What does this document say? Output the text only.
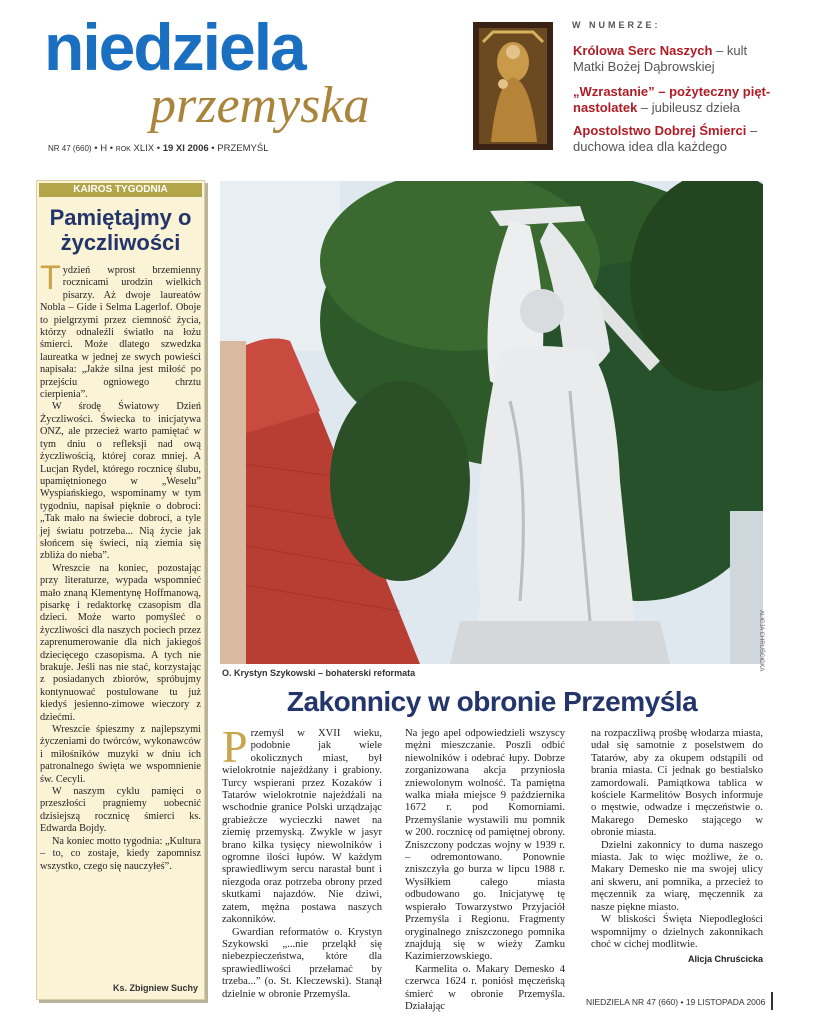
niedziela
przemyska
NR 47 (660) • H • ROK XLIX • 19 XI 2006 • PRZEMYŚL
W NUMERZE:
Królowa Serc Naszych – kult Matki Bożej Dąbrowskiej
„Wzrastanie” – pożyteczny pięt-nastolatek – jubileusz dzieła
Apostolstwo Dobrej Śmierci – duchowa idea dla każdego
KAIROS TYGODNIA
Pamiętajmy o życzliwości

Tydzień wprost brzemienny rocznicami urodzin wielkich pisarzy. Aż dwoje laureatów Nobla – Gide i Selma Lagerlof. Oboje to pielgrzymi przez ciemność życia, którzy odnaleźli światło na łożu śmierci. Może dlatego szwedzka laureatka w jednej ze swych powieści napisała: „Jakże silna jest miłość po przejściu ogniowego chrztu cierpienia”.

W środę Światowy Dzień Życzliwości. Świecka to inicjatywa ONZ, ale przecież warto pamiętać w tym dniu o refleksji nad ową życzliwością, której coraz mniej. A Lucjan Rydel, którego rocznicę ślubu, upamiętnionego w „Weselu” Wyspiańskiego, wspominamy w tym tygodniu, napisał pięknie o dobroci: „Tak mało na świecie dobroci, a tyle jej światu potrzeba... Nią życie jak słońcem się świeci, nią ziemia się zbliża do nieba”.

Wreszcie na koniec, pozostając przy literaturze, wypada wspomnieć mało znaną Klementynę Hoffmanową, pisarkę i redaktorkę czasopism dla dzieci. Może warto pomyśleć o życzliwości dla naszych pociech przez zaprenumerowanie dla nich jakiegoś dziecięcego czasopisma. A tych nie brakuje. Jeśli nas nie stać, korzystając z posiadanych zbiorów, spróbujmy kontynuować postulowane tu już kiedyś jesienno-zimowe wieczory z dziećmi.

Wreszcie śpieszmy z najlepszymi życzeniami do twórców, wykonawców i miłośników muzyki w dniu ich patronalnego święta we wspomnienie św. Cecyli.

W naszym cyklu pamięci o przeszłości pragniemy uobecnić dzisiejszą rocznicę śmierci ks. Edwarda Bojdy.

Na koniec motto tygodnia: „Kultura – to, co zostaje, kiedy zapomnisz wszystko, czego się nauczyłeś”.

Ks. Zbigniew Suchy
ALICJA CHRUŚCICKA
O. Krystyn Szykowski – bohaterski reformata
Zakonnicy w obronie Przemyśla

Przemyśl w XVII wieku, podobnie jak wiele okolicznych miast, był wielokrotnie najeżdżany i grabiony. Turcy wspierani przez Kozaków i Tatarów wielokrotnie najeżdżali na wschodnie granice Polski urządzając grabieżcze wycieczki nawet na ziemię przemyską. Zwykle w jasyr brano kilka tysięcy niewolników i ogromne ilości łupów. W każdym sprawiedliwym sercu narastał bunt i niezgoda oraz potrzeba obrony przed skutkami najazdów. Nie dziwi, zatem, mężna postawa naszych zakonników.

Gwardian reformatów o. Krystyn Szykowski „...nie przeląkł się niebezpieczeństwa, które dla sprawiedliwości przełamać by trzeba...” (o. St. Kleczewski). Stanął dzielnie w obronie Przemyśla.

Na jego apel odpowiedzieli wszyscy mężni mieszczanie. Poszli odbić niewolników i odebrać łupy. Dobrze zorganizowana akcja przyniosła zniewolonym wolność. Ta pamiętna walka miała miejsce 9 października 1672 r. pod Komorniami. Przemyślanie wystawili mu pomnik w 200. rocznicę od pamiętnej obrony. Zniszczony podczas wojny w 1939 r. – odremontowano. Ponownie zniszczyła go burza w lipcu 1988 r. Wysiłkiem całego miasta odbudowano go. Inicjatywę tę wspierało Towarzystwo Przyjaciół Przemyśla i Regionu. Fragmenty oryginalnego zniszczonego pomnika znajdują się w wieży Zamku Kazimierzowskiego.

Karmelita o. Makary Demesko 4 czerwca 1624 r. poniósł męczeńską śmierć w obronie Przemyśla. Działając

na rozpaczliwą prośbę włodarza miasta, udał się samotnie z poselstwem do Tatarów, aby za okupem odstąpili od brania miasta. Ci jednak go bestialsko zamordowali. Pamiątkowa tablica w kościele Karmelitów Bosych informuje o męstwie, odwadze i męczeństwie o. Makarego Demesko stającego w obronie miasta.

Dzielni zakonnicy to duma naszego miasta. Jak to więc możliwe, że o. Makary Demesko nie ma swojej ulicy ani skweru, ani pomnika, a przecież to męczennik za wiarę, męczennik za nasze piękne miasto.

W bliskości Święta Niepodległości wspomnijmy o dzielnych zakonnikach choć w cichej modlitwie.

Alicja Chruścicka
NIEDZIELA NR 47 (660) • 19 LISTOPADA 2006
